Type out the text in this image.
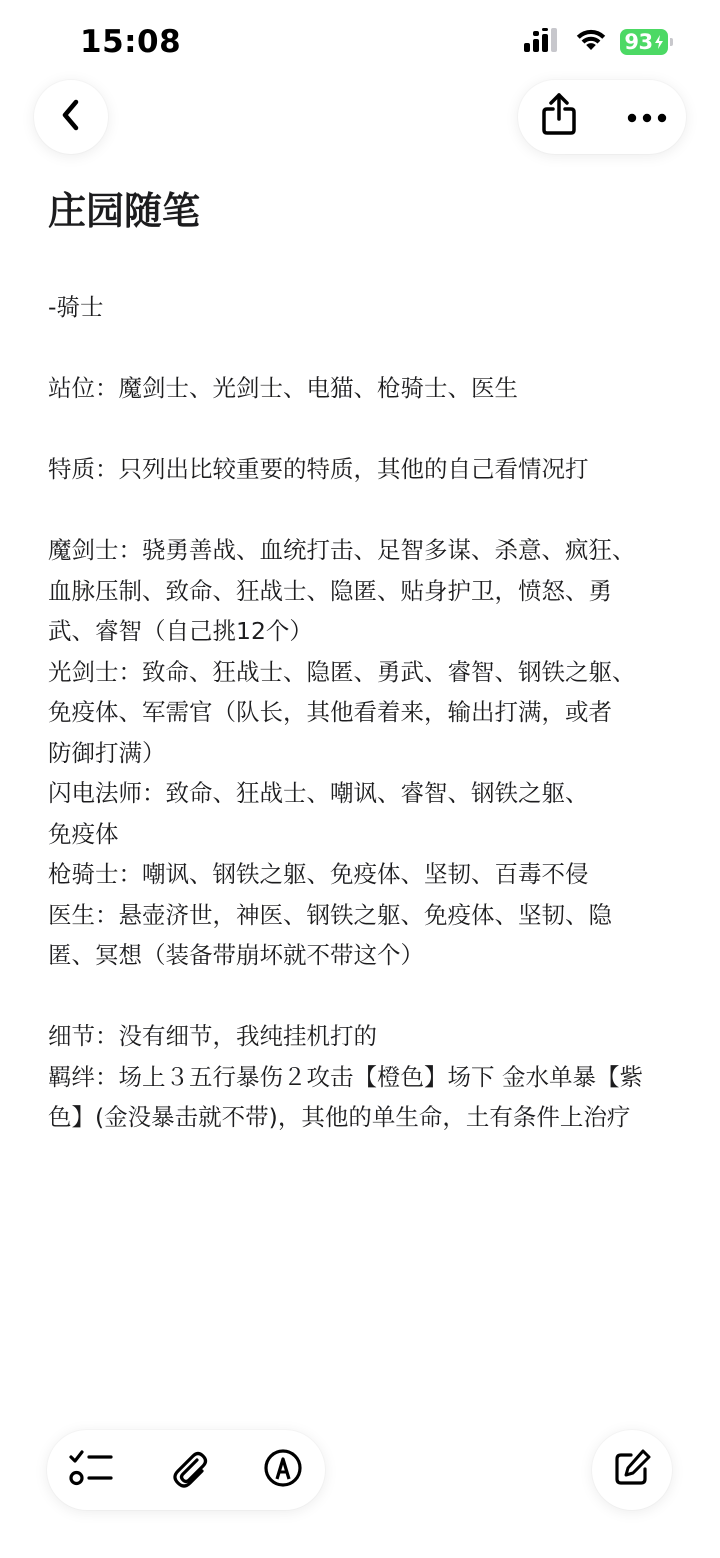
15:08	93
庄园随笔
-骑士
站位：魔剑士、光剑士、电猫、枪骑士、医生
特质：只列出比较重要的特质，其他的自己看情况打
魔剑士：骁勇善战、血统打击、足智多谋、杀意、疯狂、
血脉压制、致命、狂战士、隐匿、贴身护卫，愤怒、勇
武、睿智（自己挑12个）
光剑士：致命、狂战士、隐匿、勇武、睿智、钢铁之躯、
免疫体、军需官（队长，其他看着来，输出打满，或者
防御打满）
闪电法师：致命、狂战士、嘲讽、睿智、钢铁之躯、
免疫体
枪骑士：嘲讽、钢铁之躯、免疫体、坚韧、百毒不侵
医生：悬壶济世，神医、钢铁之躯、免疫体、坚韧、隐
匿、冥想（装备带崩坏就不带这个）
细节：没有细节，我纯挂机打的
羁绊：场上３五行暴伤２攻击【橙色】场下 金水单暴【紫
色】(金没暴击就不带)，其他的单生命，土有条件上治疗
